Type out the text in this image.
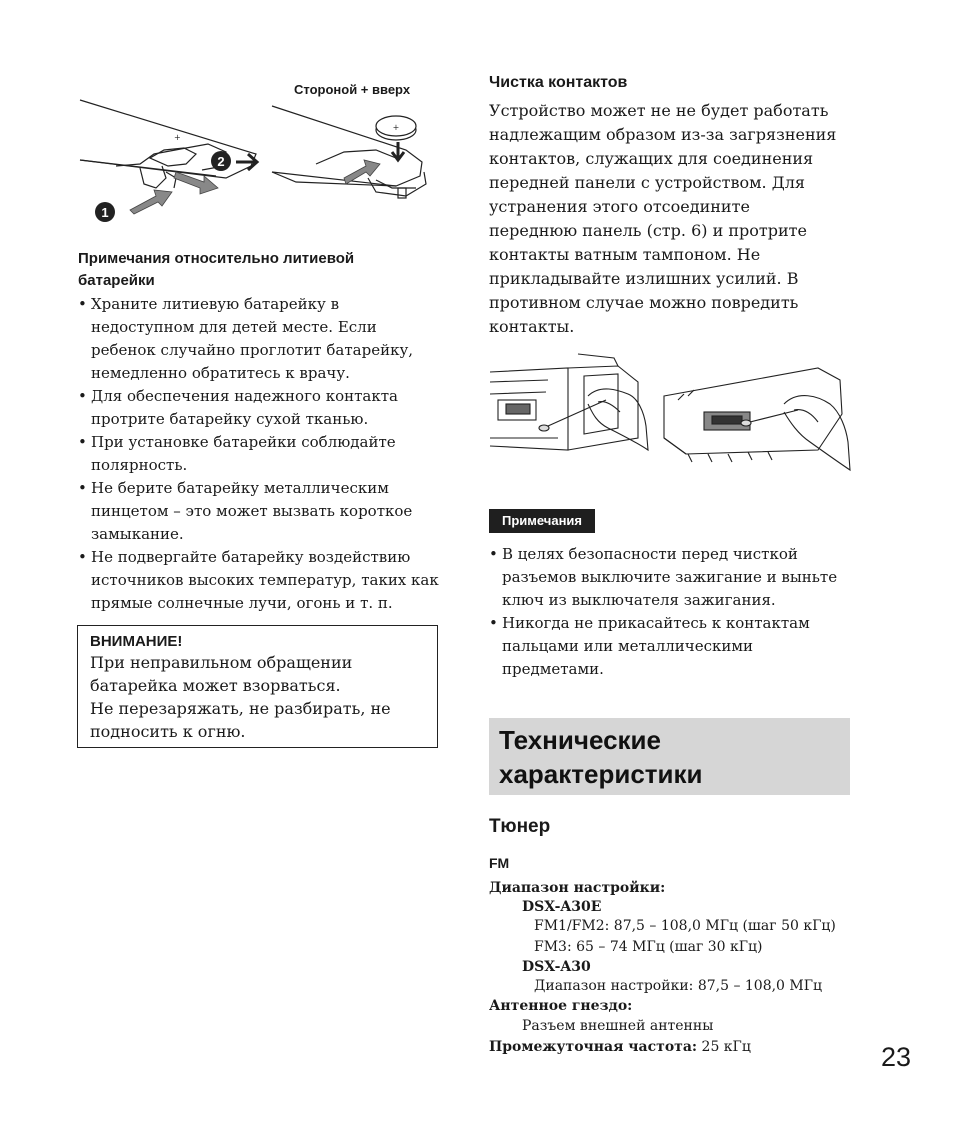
Стороной + вверх
+
1
2
+
Примечания относительно литиевой батарейки
• Храните литиевую батарейку в недоступном для детей месте. Если ребенок случайно проглотит батарейку, немедленно обратитесь к врачу.
• Для обеспечения надежного контакта протрите батарейку сухой тканью.
• При установке батарейки соблюдайте полярность.
• Не берите батарейку металлическим пинцетом – это может вызвать короткое замыкание.
• Не подвергайте батарейку воздействию источников высоких температур, таких как прямые солнечные лучи, огонь и т. п.
ВНИМАНИЕ!
При неправильном обращении
батарейка может взорваться.
Не перезаряжать, не разбирать, не
подносить к огню.
Чистка контактов
Устройство может не не будет работать надлежащим образом из-за загрязнения контактов, служащих для соединения передней панели с устройством. Для устранения этого отсоедините переднюю панель (стр. 6) и протрите контакты ватным тампоном. Не прикладывайте излишних усилий. В противном случае можно повредить контакты.
Примечания
• В целях безопасности перед чисткой разъемов выключите зажигание и выньте ключ из выключателя зажигания.
• Никогда не прикасайтесь к контактам пальцами или металлическими предметами.
Технические
характеристики
Тюнер
FM
Диапазон настройки:
DSX-A30E
FM1/FM2: 87,5 – 108,0 МГц (шаг 50 кГц)
FM3: 65 – 74 МГц (шаг 30 кГц)
DSX-A30
Диапазон настройки: 87,5 – 108,0 МГц
Антенное гнездо:
Разъем внешней антенны
Промежуточная частота: 25 кГц	23
